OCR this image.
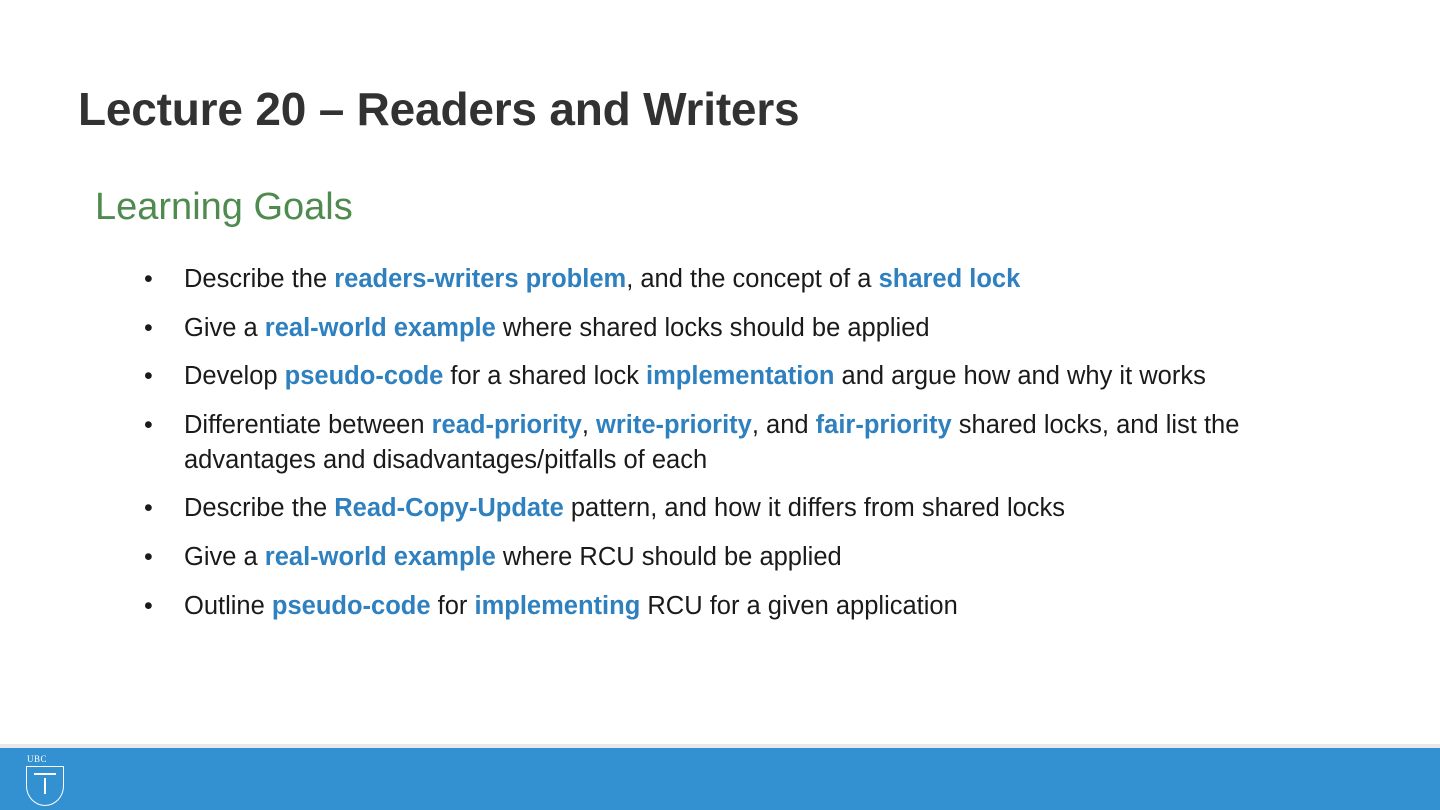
Lecture 20 – Readers and Writers
Learning Goals
• Describe the readers-writers problem, and the concept of a shared lock
• Give a real-world example where shared locks should be applied
• Develop pseudo-code for a shared lock implementation and argue how and why it works
• Differentiate between read-priority, write-priority, and fair-priority shared locks, and list the advantages and disadvantages/pitfalls of each
• Describe the Read-Copy-Update pattern, and how it differs from shared locks
• Give a real-world example where RCU should be applied
• Outline pseudo-code for implementing RCU for a given application
UBC
